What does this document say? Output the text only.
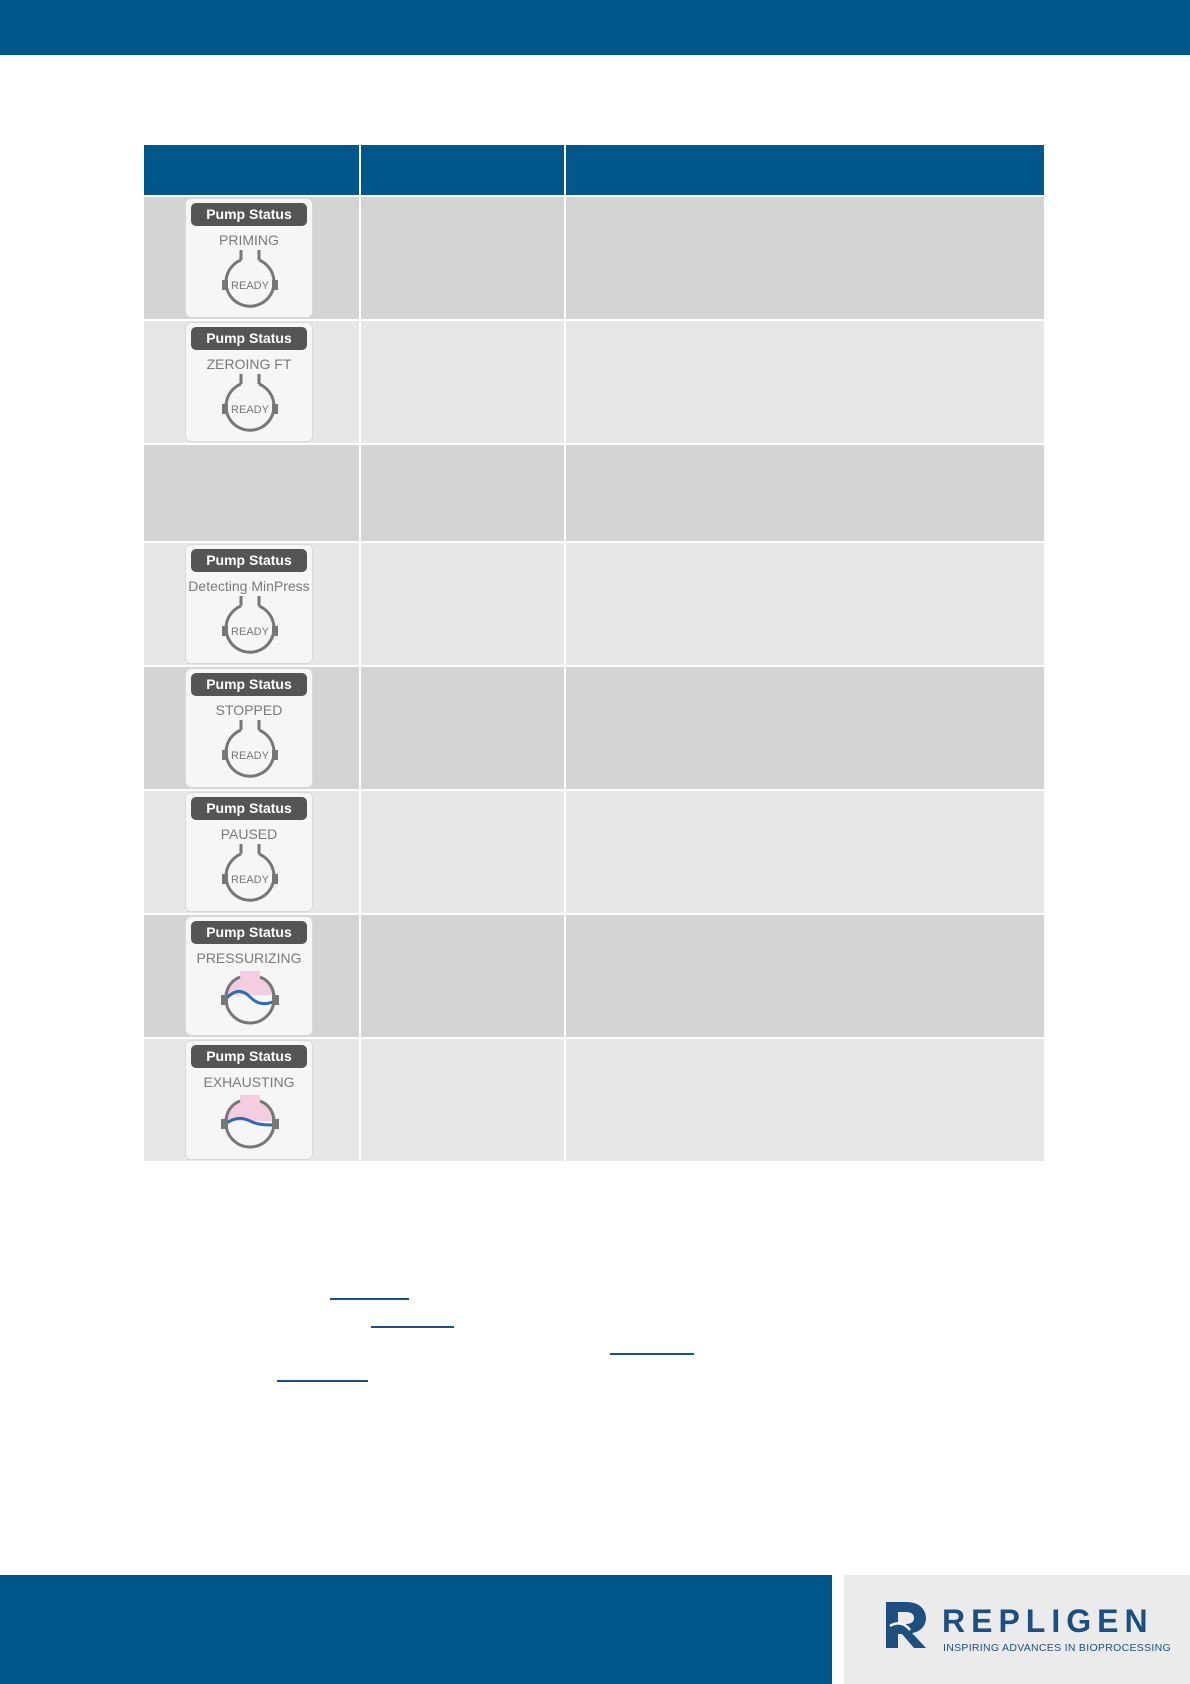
Pump Status
PRIMING
READY		

Pump Status
ZEROING FT
READY		

Pump Status
Detecting MinPress
READY		

Pump Status
STOPPED
READY		

Pump Status
PAUSED
READY		

Pump Status
PRESSURIZING		

Pump Status
EXHAUSTING		

REPLIGEN
INSPIRING ADVANCES IN BIOPROCESSING
